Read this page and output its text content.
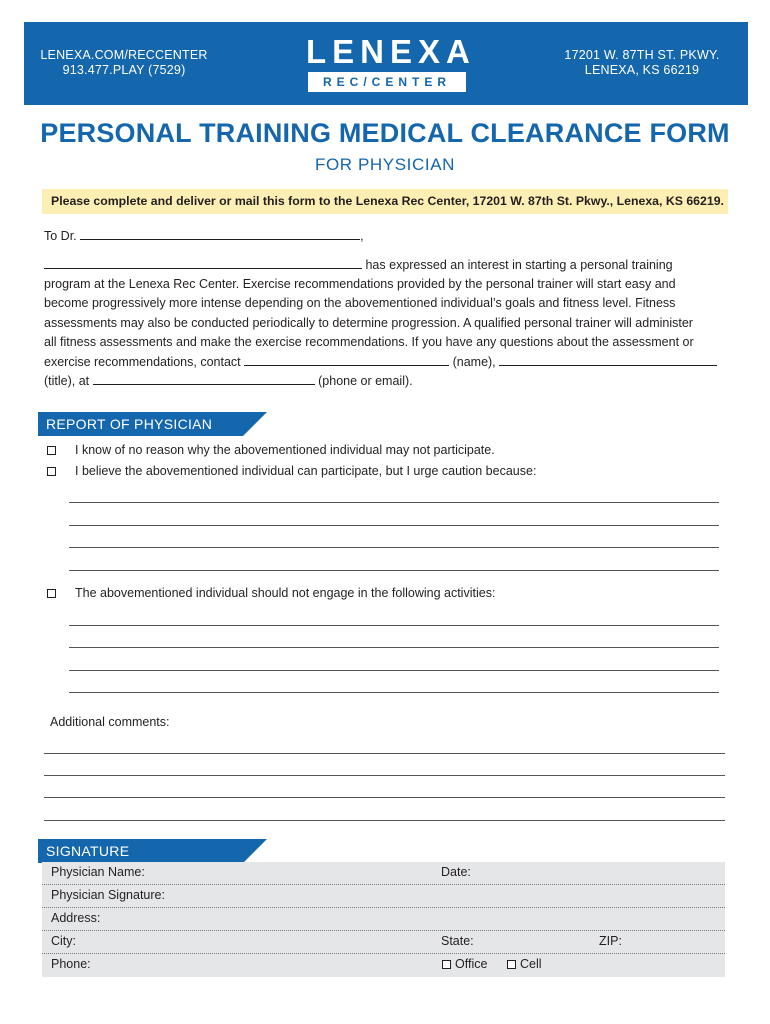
LENEXA.COM/RECCENTER
913.477.PLAY (7529)	LENEXA
REC/CENTER
17201 W. 87TH ST. PKWY.
LENEXA, KS 66219
PERSONAL TRAINING MEDICAL CLEARANCE FORM
FOR PHYSICIAN
Please complete and deliver or mail this form to the Lenexa Rec Center, 17201 W. 87th St. Pkwy., Lenexa, KS 66219.
To Dr.	,
has expressed an interest in starting a personal training
program at the Lenexa Rec Center. Exercise recommendations provided by the personal trainer will start easy and
become progressively more intense depending on the abovementioned individual’s goals and fitness level. Fitness
assessments may also be conducted periodically to determine progression. A qualified personal trainer will administer
all fitness assessments and make the exercise recommendations. If you have any questions about the assessment or
exercise recommendations, contact	(name),
(title), at	(phone or email).
REPORT OF PHYSICIAN
I know of no reason why the abovementioned individual may not participate.
I believe the abovementioned individual can participate, but I urge caution because:
The abovementioned individual should not engage in the following activities:
Additional comments:
SIGNATURE
Physician Name:	Date:
Physician Signature:
Address:
City:	State:	ZIP:
Phone:	Office	Cell
